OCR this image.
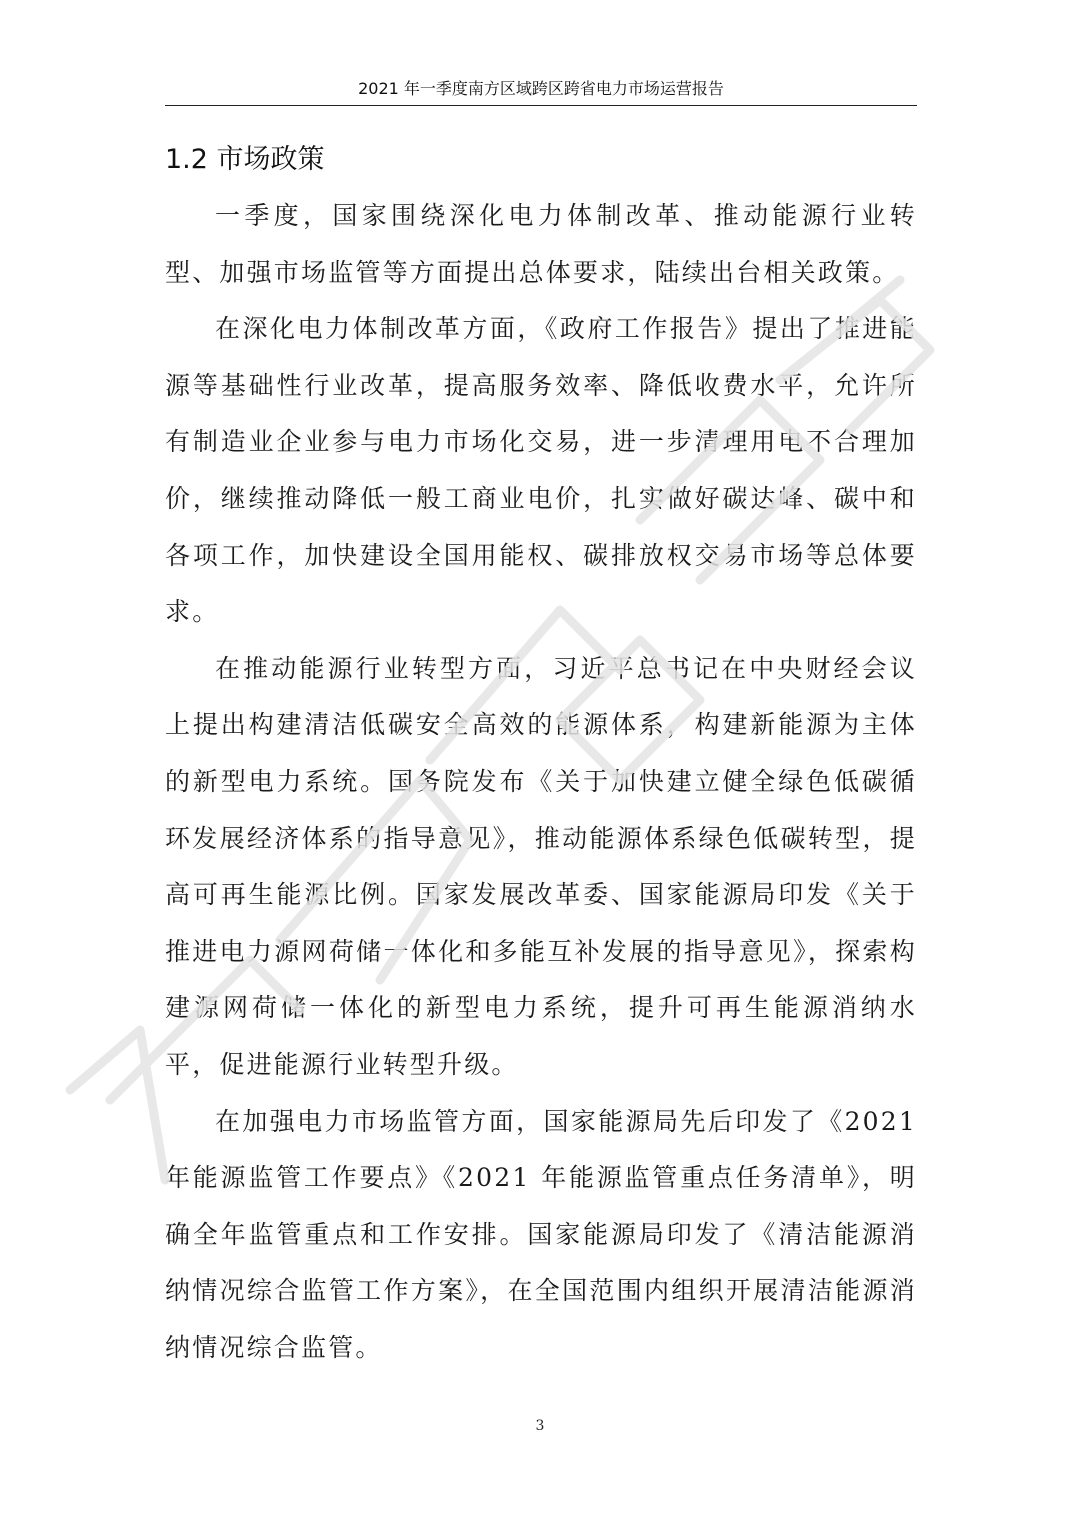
2021 年一季度南方区域跨区跨省电力市场运营报告
1.2 市场政策

一季度，国家围绕深化电力体制改革、推动能源行业转型、加强市场监管等方面提出总体要求，陆续出台相关政策。

在深化电力体制改革方面，《政府工作报告》提出了推进能源等基础性行业改革，提高服务效率、降低收费水平，允许所有制造业企业参与电力市场化交易，进一步清理用电不合理加价，继续推动降低一般工商业电价，扎实做好碳达峰、碳中和各项工作，加快建设全国用能权、碳排放权交易市场等总体要求。

在推动能源行业转型方面，习近平总书记在中央财经会议上提出构建清洁低碳安全高效的能源体系，构建新能源为主体的新型电力系统。国务院发布《关于加快建立健全绿色低碳循环发展经济体系的指导意见》，推动能源体系绿色低碳转型，提高可再生能源比例。国家发展改革委、国家能源局印发《关于推进电力源网荷储一体化和多能互补发展的指导意见》，探索构建源网荷储一体化的新型电力系统，提升可再生能源消纳水平，促进能源行业转型升级。

在加强电力市场监管方面，国家能源局先后印发了《2021 年能源监管工作要点》《2021 年能源监管重点任务清单》，明确全年监管重点和工作安排。国家能源局印发了《清洁能源消纳情况综合监管工作方案》，在全国范围内组织开展清洁能源消纳情况综合监管。

3
